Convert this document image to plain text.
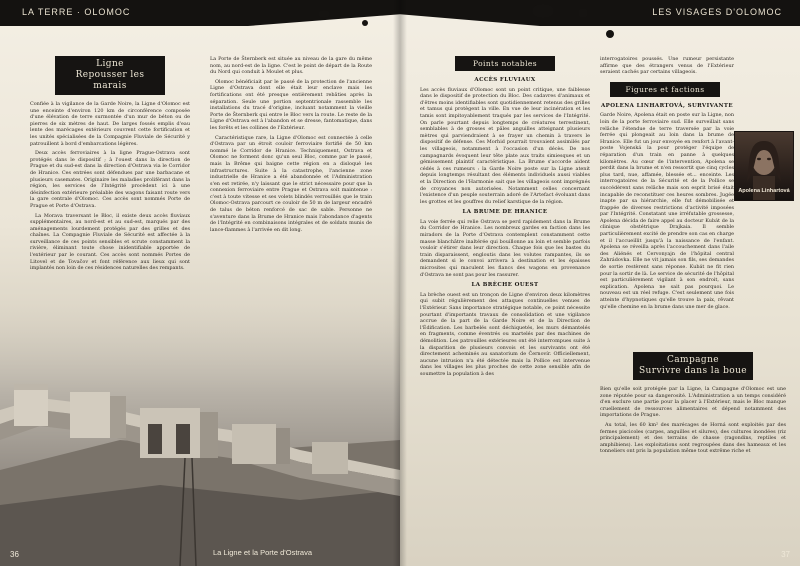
LA TERRE · OLOMOC
Ligne
Repousser les marais

Confiée à la vigilance de la Garde Noire, la Ligne d'Olomoc est une enceinte d'environ 120 km de circonférence composée d'une élévation de terre surmontée d'un mur de béton ou de pierres de six mètres de haut. De larges fossés emplis d'eau lente des marécages extérieurs couvrent cette fortification et les unités spécialisées de la Compagnie Fluviale de Sécurité y patrouillent à bord d'embarcations légères.

Deux accès ferroviaires à la ligne Prague-Ostrava sont protégés dans le dispositif ; à l'ouest dans la direction de Prague et du sud-est dans la direction d'Ostrava via le Corridor de Hranice. Ces entrées sont défendues par une barbacane et plusieurs casemates. Originaire les maladies proliférant dans la région, les services de l'Intégrité procèdent ici à une désinfection extérieure préalable des wagons faisant route vers la gare centrale d'Olomoc. Ces accès sont nommés Porte de Prague et Porte d'Ostrava.

La Morava traversant le Bloc, il existe deux accès fluviaux supplémentaires, au nord-est et au sud-est, marqués par des aménagements lourdement protégés par des grilles et des chaînes. La Compagnie Fluviale de Sécurité est affectée à la surveillance de ces points sensibles et scrute constamment la rivière, éliminant toute chose inidentifiable apportée de l'extérieur par le courant. Ces accès sont nommés Portes de Litovel et de Tovačov et font référence aux lieux qui sont implantés non loin de ces résidences naturelles des rempants.

La Porte de Šternberk est située au niveau de la gare du même nom, au nord-est de la ligne. C'est le point de départ de la Route du Nord qui conduit à Moulet et plus.

Olomoc bénéficiait par le passé de la protection de l'ancienne Ligne d'Ostrava dont elle était leur enclave mais les fortifications ont été presque entièrement rebâties après la séparation. Seule une portion septentrionale rassemble les installations du tracé d'origine, incluant notamment la vieille Porte de Šternberk qui entre le Bloc vers la route. Le reste de la Ligne d'Ostrava est à l'abandon et se dresse, fantomatique, dans les forêts et les collines de l'Extérieur.

Caractéristique rare, la Ligne d'Olomoc est connectée à celle d'Ostrava par un étroit couloir ferroviaire fortifié de 50 km nommé le Corridor de Hranice. Techniquement, Ostrava et Olomoc ne forment donc qu'un seul Bloc, comme par le passé, mais la Brême qui baigne cette région en a disloqué les infrastructures. Suite à la catastrophe, l'ancienne zone industrielle de Hranice a été abandonnée et l'Administration s'en est retirée, n'y laissant que le strict nécessaire pour que la connexion ferroviaire entre Prague et Ostrava soit maintenue : c'est à toute vitesse et ses volets blindés verrouillés que le train Olomoc-Ostrava parcourt ce couloir de 50 m de largeur encadré de talus de béton renforcé de sac de sable. Personne ne s'aventure dans la Brume de Hranice mais l'abondance d'agents de l'Intégrité en combinaisons intégrales et de soldats munis de lance-flammes à l'arrivée en dit long.

36	La Ligne et la Porte d'Ostrava
LES VISAGES D'OLOMOC
Points notables
ACCÈS FLUVIAUX

Les accès fluviaux d'Olomoc sont un point critique, une faiblesse dans le dispositif de protection du Bloc. Des cadavres d'animaux et d'êtres moins identifiables sont quotidiennement retenus des grilles et tamus qui protègent la ville. En vue de leur incinération et les tamis sont impitoyablement traqués par les services de l'Intégrité. On parle pourtant depuis longtemps de créatures terrestinent, semblables à de grosses et pâles anguilles atteignant plusieurs mètres qui parviendraient à se frayer un chemin à travers le dispositif de défense. Ces Morhid pourrait trouvaient assimilés par les villageois, notamment à l'occasion d'un décès. De nos campagnards évoquent leur tête plate aux traits simiesques et un gémissement plaintif caractéristique. La Brume s'accorde aident cédés à ces rumeurs : la Garde Noire poste sur la Ligne atenit depuis longtemps résultant des éléments individuels aussi viables et la Direction de l'Harmonie sait que les villageois sont imprégnés de croyances non autorisées. Notamment celles concernant l'existence d'un peuple souterrain adoré de l'Artefact évoluant dans les grottes et les gouffres du relief karstique de la région.

LA BRUME DE HRANICE

La voie ferrée qui relie Ostrava se perd rapidement dans la Brume du Corridor de Hranice. Les nombreux gardes en faction dans les miradors de la Porte d'Ostrava contemplent constamment cette masse blanchâtre inaltérée qui bouillonne au loin et semble parfois vouloir s'étirer dans leur direction. Chaque fois que les bastes du train disparaissent, engloutis dans les volutes rampantes, ils se demandent si le convoi arrivera à destination et les épaisses microsites qui maculent les flancs des wagons en provenance d'Ostrava ne sont pas pour les rassurer.

LA BRÈCHE OUEST

La brèche ouest est un tronçon de Ligne d'environ deux kilomètres qui subit régulièrement des attaques continuelles venues de l'Extérieur. Sans importance stratégique notable, ce point nécessite pourtant d'importants travaux de consolidation et une vigilance accrue de la part de la Garde Noire et de la Direction de l'Édification. Les barbelés sont déchiquetés, les murs démantelés en fragments, comme éventrés ou martelés par des machines de démolition. Les patrouilles extérieures ont été interrompues suite à la disparition de plusieurs convois et les survivants ont été directement acheminés au sanatorium de Černovír. Officiellement, aucune intrusion n'a été détectée mais la Pollice est intervenue dans les villages les plus proches de cette zone sensible afin de soumettre la population à des

interrogatoires poussés. Une rumeur persistante affirme que des étrangers venus de l'Extérieur seraient cachés par certains villageois.

Figures et factions
APOLENA LINHARTOVÁ, SURVIVANTE

Garde Noire, Apolena était en poste sur la Ligne, non loin de la porte ferroviaire sud. Elle surveillait sans relâche l'étendue de terre traversée par la voie ferrée qui plongeait au loin dans la brume de Hranice. Elle fut un jour envoyée en renfort à l'avant-poste Vojenská la pour protéger l'équipe de réparation d'un train en panne à quelques kilomètres. Au cœur de l'intervention, Apolena se perdit dans la brume et n'en ressortit que cinq cycles plus tard, nue, affamée, blessée et... enceinte. Les interrogatoires de la Sécurité et de la Pollice se succédèrent sans relâche mais son esprit brisé était incapable de reconstituer ces heures sombres. Jugée inapte par sa hiérarchie, elle fut démobilisée et frappée de diverses restrictions d'activité imposées par l'Intégrité. Constatant une irréfutable grossesse, Apolena décida de faire appel au docteur Kubát de la clinique obstétrique Drajkaia. Il semble particulièrement excité de prendre son cas en charge et il l'accueillit jusqu'à la naissance de l'enfant. Apolena se réveilla après l'accouchement dans l'aile des Aliénés et Cervonyajn de l'hôpital central Zahrádovka. Elle ne vit jamais son fils, ses demandes de sortie restèrent sans réponse. Kubát ne fit rien pour la sortir de là. Le service de sécurité de l'hôpital est particulièrement vigilant à son endroit, sans explication. Apolena ne sait pas pourquoi. Le nouveau est un réel refuge. C'est seulement une fois atteinte d'hypnotiques qu'elle trouve la paix, rêvant qu'elle chemine en la brume dans une mer de glace.

Campagne
Survivre dans la boue

Bien qu'elle soit protégée par la Ligne, la Campagne d'Olomoc est une zone réputée pour sa dangerosité. L'Administration a un temps considéré d'en exclure une partie pour la placer à l'Extérieur, mais le Bloc manque cruellement de ressources alimentaires et dépend notamment des importations de Prague.

Au total, les 60 km² des marécages de Horná sont exploités par des fermes piscicoles (carpes, anguilles et silures), des cultures inondées (riz principalement) et des terrains de chasse (ragondins, reptiles et amphibiens). Les exploitations sont regroupées dans des hameaux et les tonneliers ont pris la population même tout extrême riche et

Apolena Linhartová
37
